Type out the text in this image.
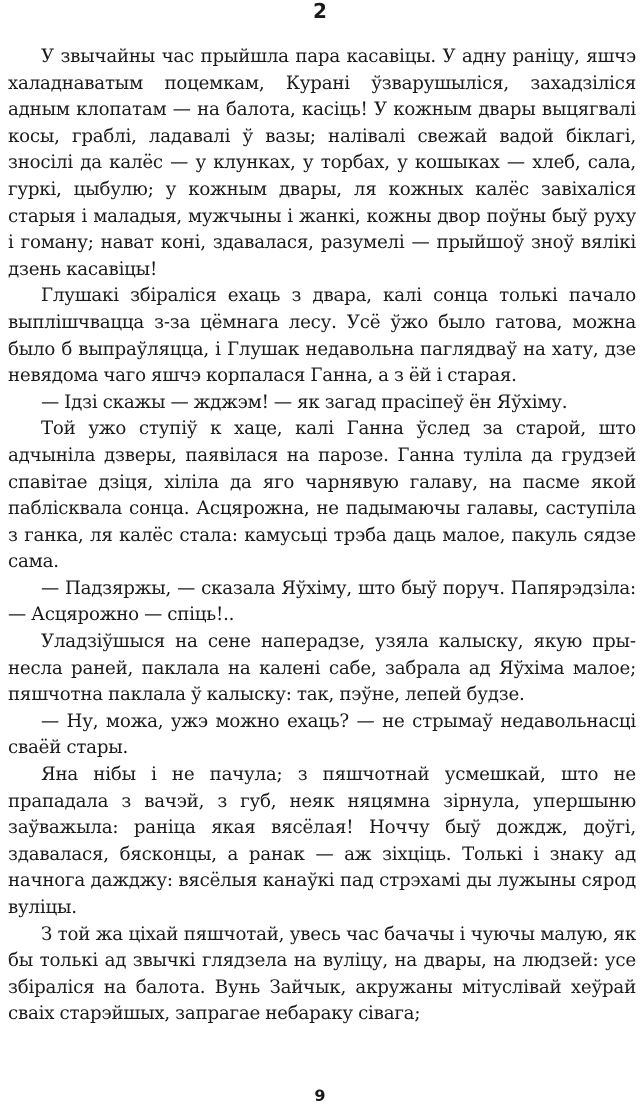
2

У звычайны час прыйшла пара касавіцы. У адну раніцу, яшчэ халаднаватым поцемкам, Курані ўзварушыліся, захадзіліся адным клопатам — на балота, касіць! У кожным двары выцягвалі косы, граблі, ладавалі ў вазы; налівалі свежай вадой біклагі, зносілі да калёс — у клунках, у торбах, у кошыках — хлеб, сала, гуркі, цыбулю; у кожным двары, ля кожных калёс завіхаліся старыя і маладыя, мужчыны і жанкі, кожны двор поўны быў руху і гоману; нават коні, здавалася, разумелі — прыйшоў зноў вялікі дзень касавіцы!

Глушакі збіраліся ехаць з двара, калі сонца толькі пачало выплішчвацца з-за цёмнага лесу. Усё ўжо было гатова, можна было б выпраўляцца, і Глушак недавольна паглядваў на хату, дзе невядома чаго яшчэ корпалася Ганна, а з ёй і старая.

— Ідзі скажы — жджэм! — як загад прасіпеў ён Яўхіму.

Той ужо ступіў к хаце, калі Ганна ўслед за старой, што адчыніла дзверы, паявілася на парозе. Ганна туліла да грудзей спавітае дзіця, хіліла да яго чарнявую галаву, на пасме якой паблісквала сонца. Асцярожна, не падымаючы галавы, саступіла з ганка, ля калёс стала: камусьці трэба даць малое, пакуль сядзе сама.

— Падзяржы, — сказала Яўхіму, што быў поруч. Папярэдзіла: — Асцярожно — спіць!..

Уладзіўшыся на сене наперадзе, узяла калыску, якую прынесла раней, паклала на калені сабе, забрала ад Яўхіма малое; пяшчотна паклала ў калыску: так, пэўне, лепей будзе.

— Ну, можа, ужэ можно ехаць? — не стрымаў недавольнасці сваёй стары.

Яна нібы і не пачула; з пяшчотнай усмешкай, што не прападала з вачэй, з губ, неяк няцямна зірнула, упершыню заўважыла: раніца якая вясёлая! Ноччу быў дождж, доўгі, здавалася, бясконцы, а ранак — аж зіхціць. Толькі і знаку ад начнога дажджу: вясёлыя канаўкі пад стрэхамі ды лужыны сярод вуліцы.

З той жа ціхай пяшчотай, увесь час бачачы і чуючы малую, як бы толькі ад звычкі глядзела на вуліцу, на двары, на людзей: усе збіраліся на балота. Вунь Зайчык, акружаны мітуслівай хеўрай сваіх старэйшых, запрагае небараку сівага;

9
